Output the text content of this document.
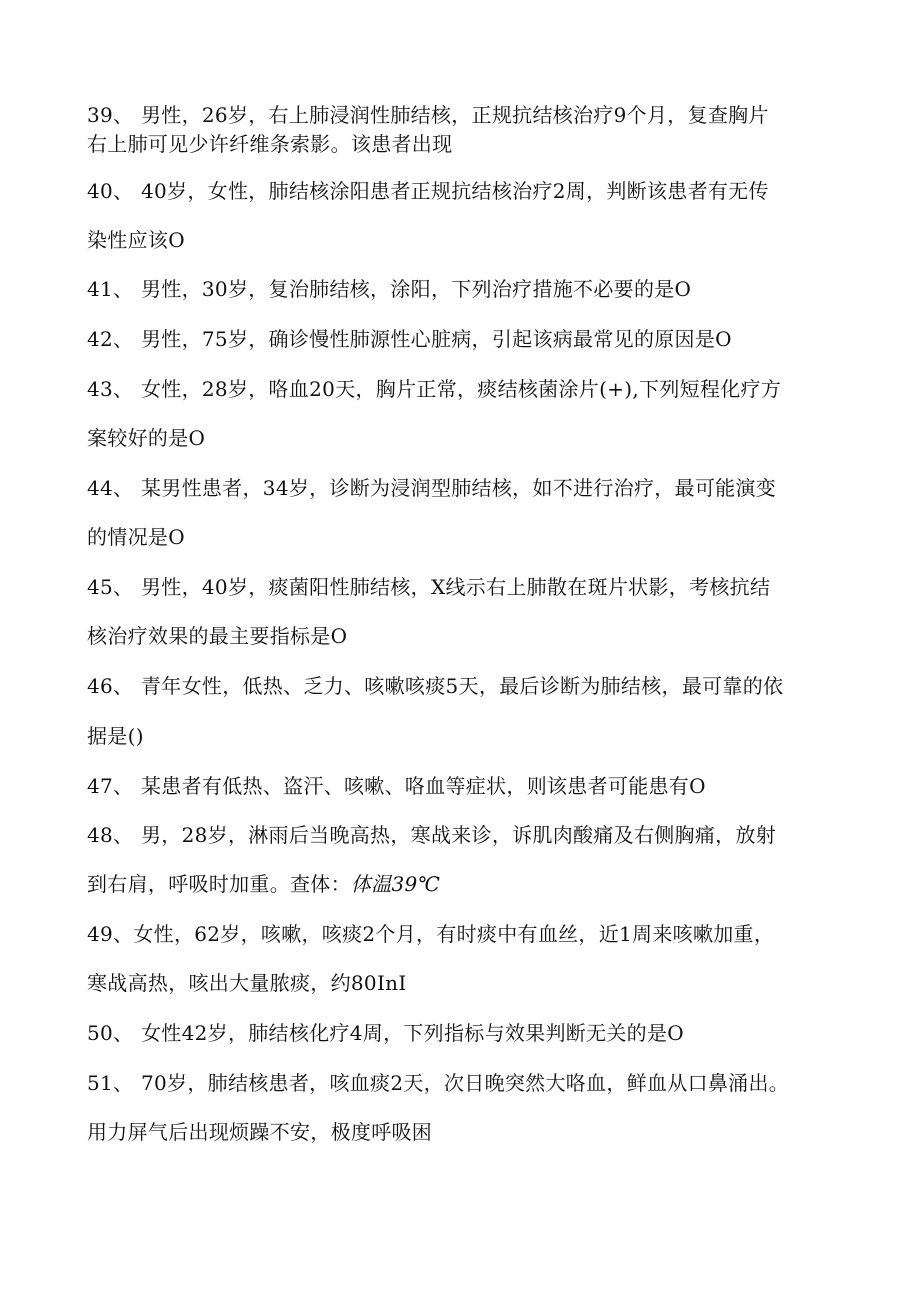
39、 男性，26岁，右上肺浸润性肺结核，正规抗结核治疗9个月，复查胸片
右上肺可见少许纤维条索影。该患者出现
40、 40岁，女性，肺结核涂阳患者正规抗结核治疗2周，判断该患者有无传
染性应该O
41、 男性，30岁，复治肺结核，涂阳，下列治疗措施不必要的是O
42、 男性，75岁，确诊慢性肺源性心脏病，引起该病最常见的原因是O
43、 女性，28岁，咯血20天，胸片正常，痰结核菌涂片(+),下列短程化疗方
案较好的是O
44、 某男性患者，34岁，诊断为浸润型肺结核，如不进行治疗，最可能演变
的情况是O
45、 男性，40岁，痰菌阳性肺结核，X线示右上肺散在斑片状影，考核抗结
核治疗效果的最主要指标是O
46、 青年女性，低热、乏力、咳嗽咳痰5天，最后诊断为肺结核，最可靠的依
据是()
47、 某患者有低热、盗汗、咳嗽、咯血等症状，则该患者可能患有O
48、 男，28岁，淋雨后当晚高热，寒战来诊，诉肌肉酸痛及右侧胸痛，放射
到右肩，呼吸时加重。查体：体温39℃
49、女性，62岁，咳嗽，咳痰2个月，有时痰中有血丝，近1周来咳嗽加重，
寒战高热，咳出大量脓痰，约80InI
50、 女性42岁，肺结核化疗4周，下列指标与效果判断无关的是O
51、 70岁，肺结核患者，咳血痰2天，次日晚突然大咯血，鲜血从口鼻涌出。
用力屏气后出现烦躁不安，极度呼吸困
